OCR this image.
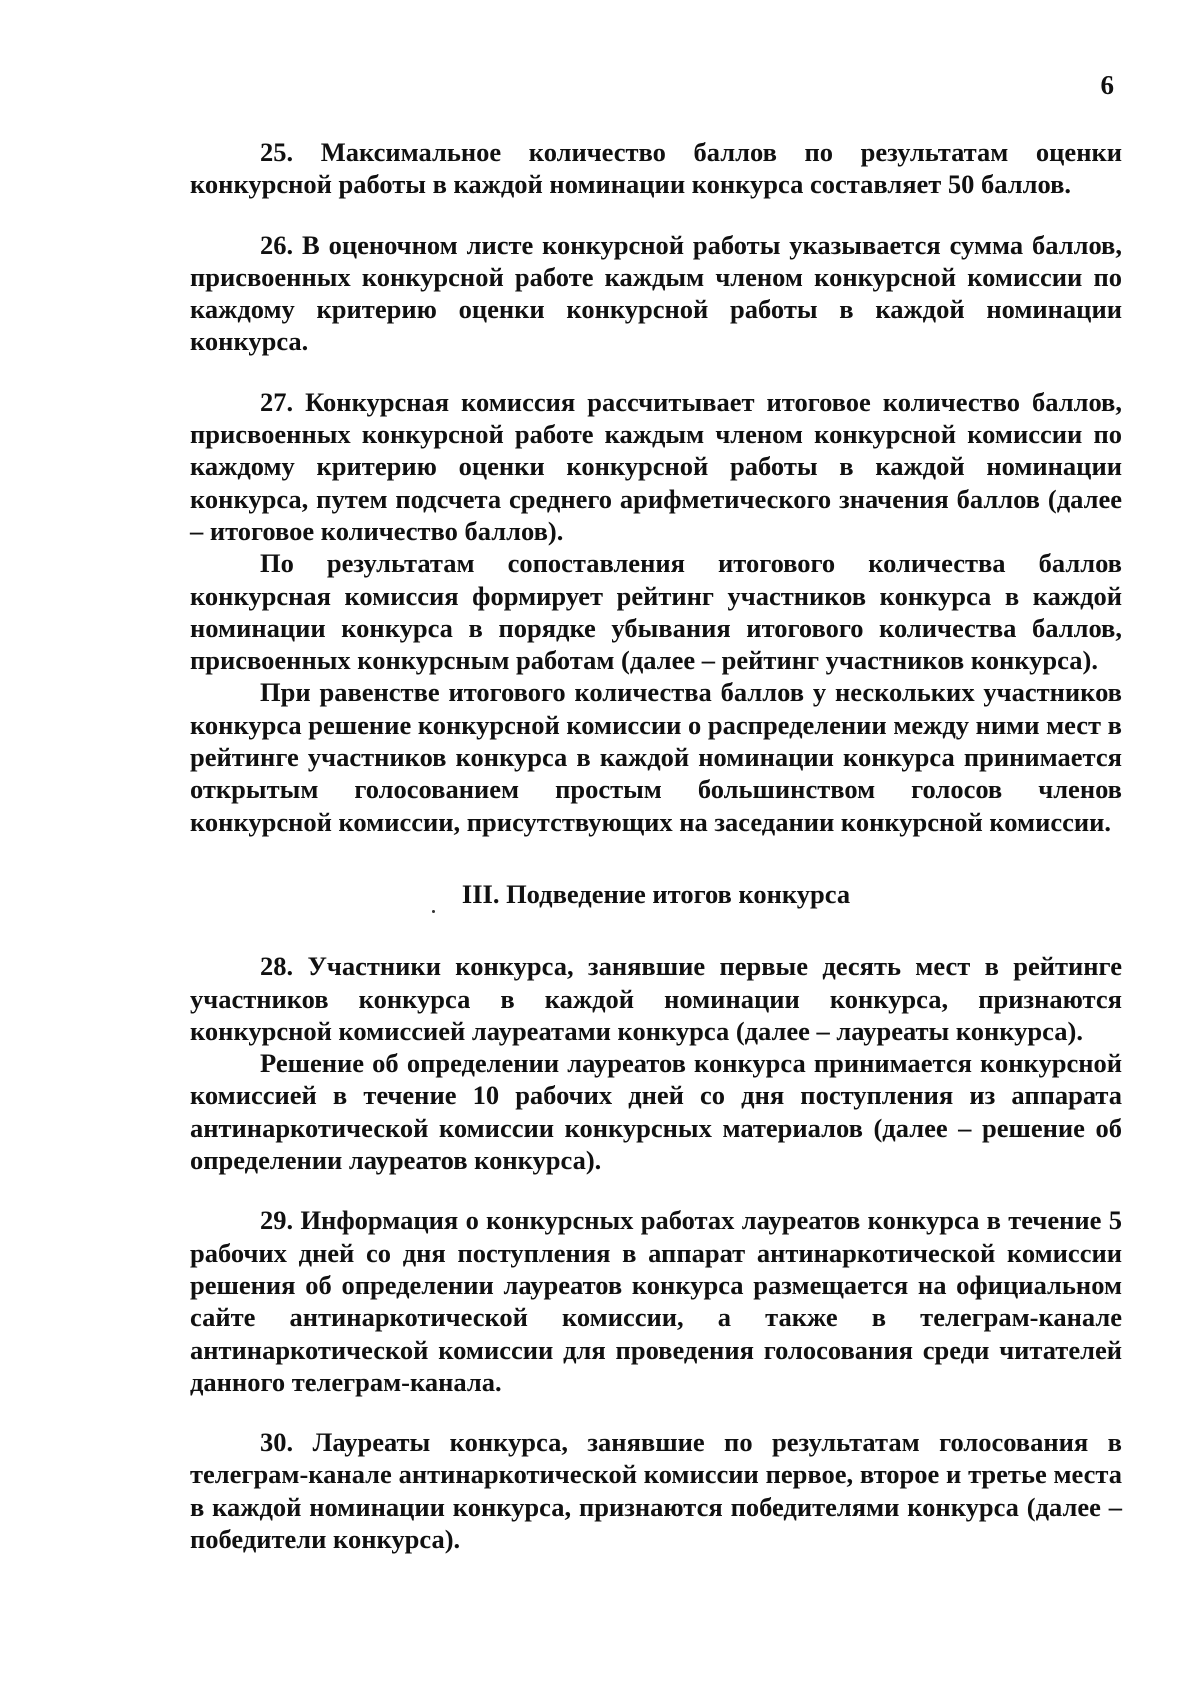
6

25. Максимальное количество баллов по результатам оценки конкурсной работы в каждой номинации конкурса составляет 50 баллов.

26. В оценочном листе конкурсной работы указывается сумма баллов, присвоенных конкурсной работе каждым членом конкурсной комиссии по каждому критерию оценки конкурсной работы в каждой номинации конкурса.

27. Конкурсная комиссия рассчитывает итоговое количество баллов, присвоенных конкурсной работе каждым членом конкурсной комиссии по каждому критерию оценки конкурсной работы в каждой номинации конкурса, путем подсчета среднего арифметического значения баллов (далее – итоговое количество баллов).

По результатам сопоставления итогового количества баллов конкурсная комиссия формирует рейтинг участников конкурса в каждой номинации конкурса в порядке убывания итогового количества баллов, присвоенных конкурсным работам (далее – рейтинг участников конкурса).

При равенстве итогового количества баллов у нескольких участников конкурса решение конкурсной комиссии о распределении между ними мест в рейтинге участников конкурса в каждой номинации конкурса принимается открытым голосованием простым большинством голосов членов конкурсной комиссии, присутствующих на заседании конкурсной комиссии.

III. Подведение итогов конкурса

28. Участники конкурса, занявшие первые десять мест в рейтинге участников конкурса в каждой номинации конкурса, признаются конкурсной комиссией лауреатами конкурса (далее – лауреаты конкурса).

Решение об определении лауреатов конкурса принимается конкурсной комиссией в течение 10 рабочих дней со дня поступления из аппарата антинаркотической комиссии конкурсных материалов (далее – решение об определении лауреатов конкурса).

29. Информация о конкурсных работах лауреатов конкурса в течение 5 рабочих дней со дня поступления в аппарат антинаркотической комиссии решения об определении лауреатов конкурса размещается на официальном сайте антинаркотической комиссии, а также в телеграм-канале антинаркотической комиссии для проведения голосования среди читателей данного телеграм-канала.

30. Лауреаты конкурса, занявшие по результатам голосования в телеграм-канале антинаркотической комиссии первое, второе и третье места в каждой номинации конкурса, признаются победителями конкурса (далее – победители конкурса).
